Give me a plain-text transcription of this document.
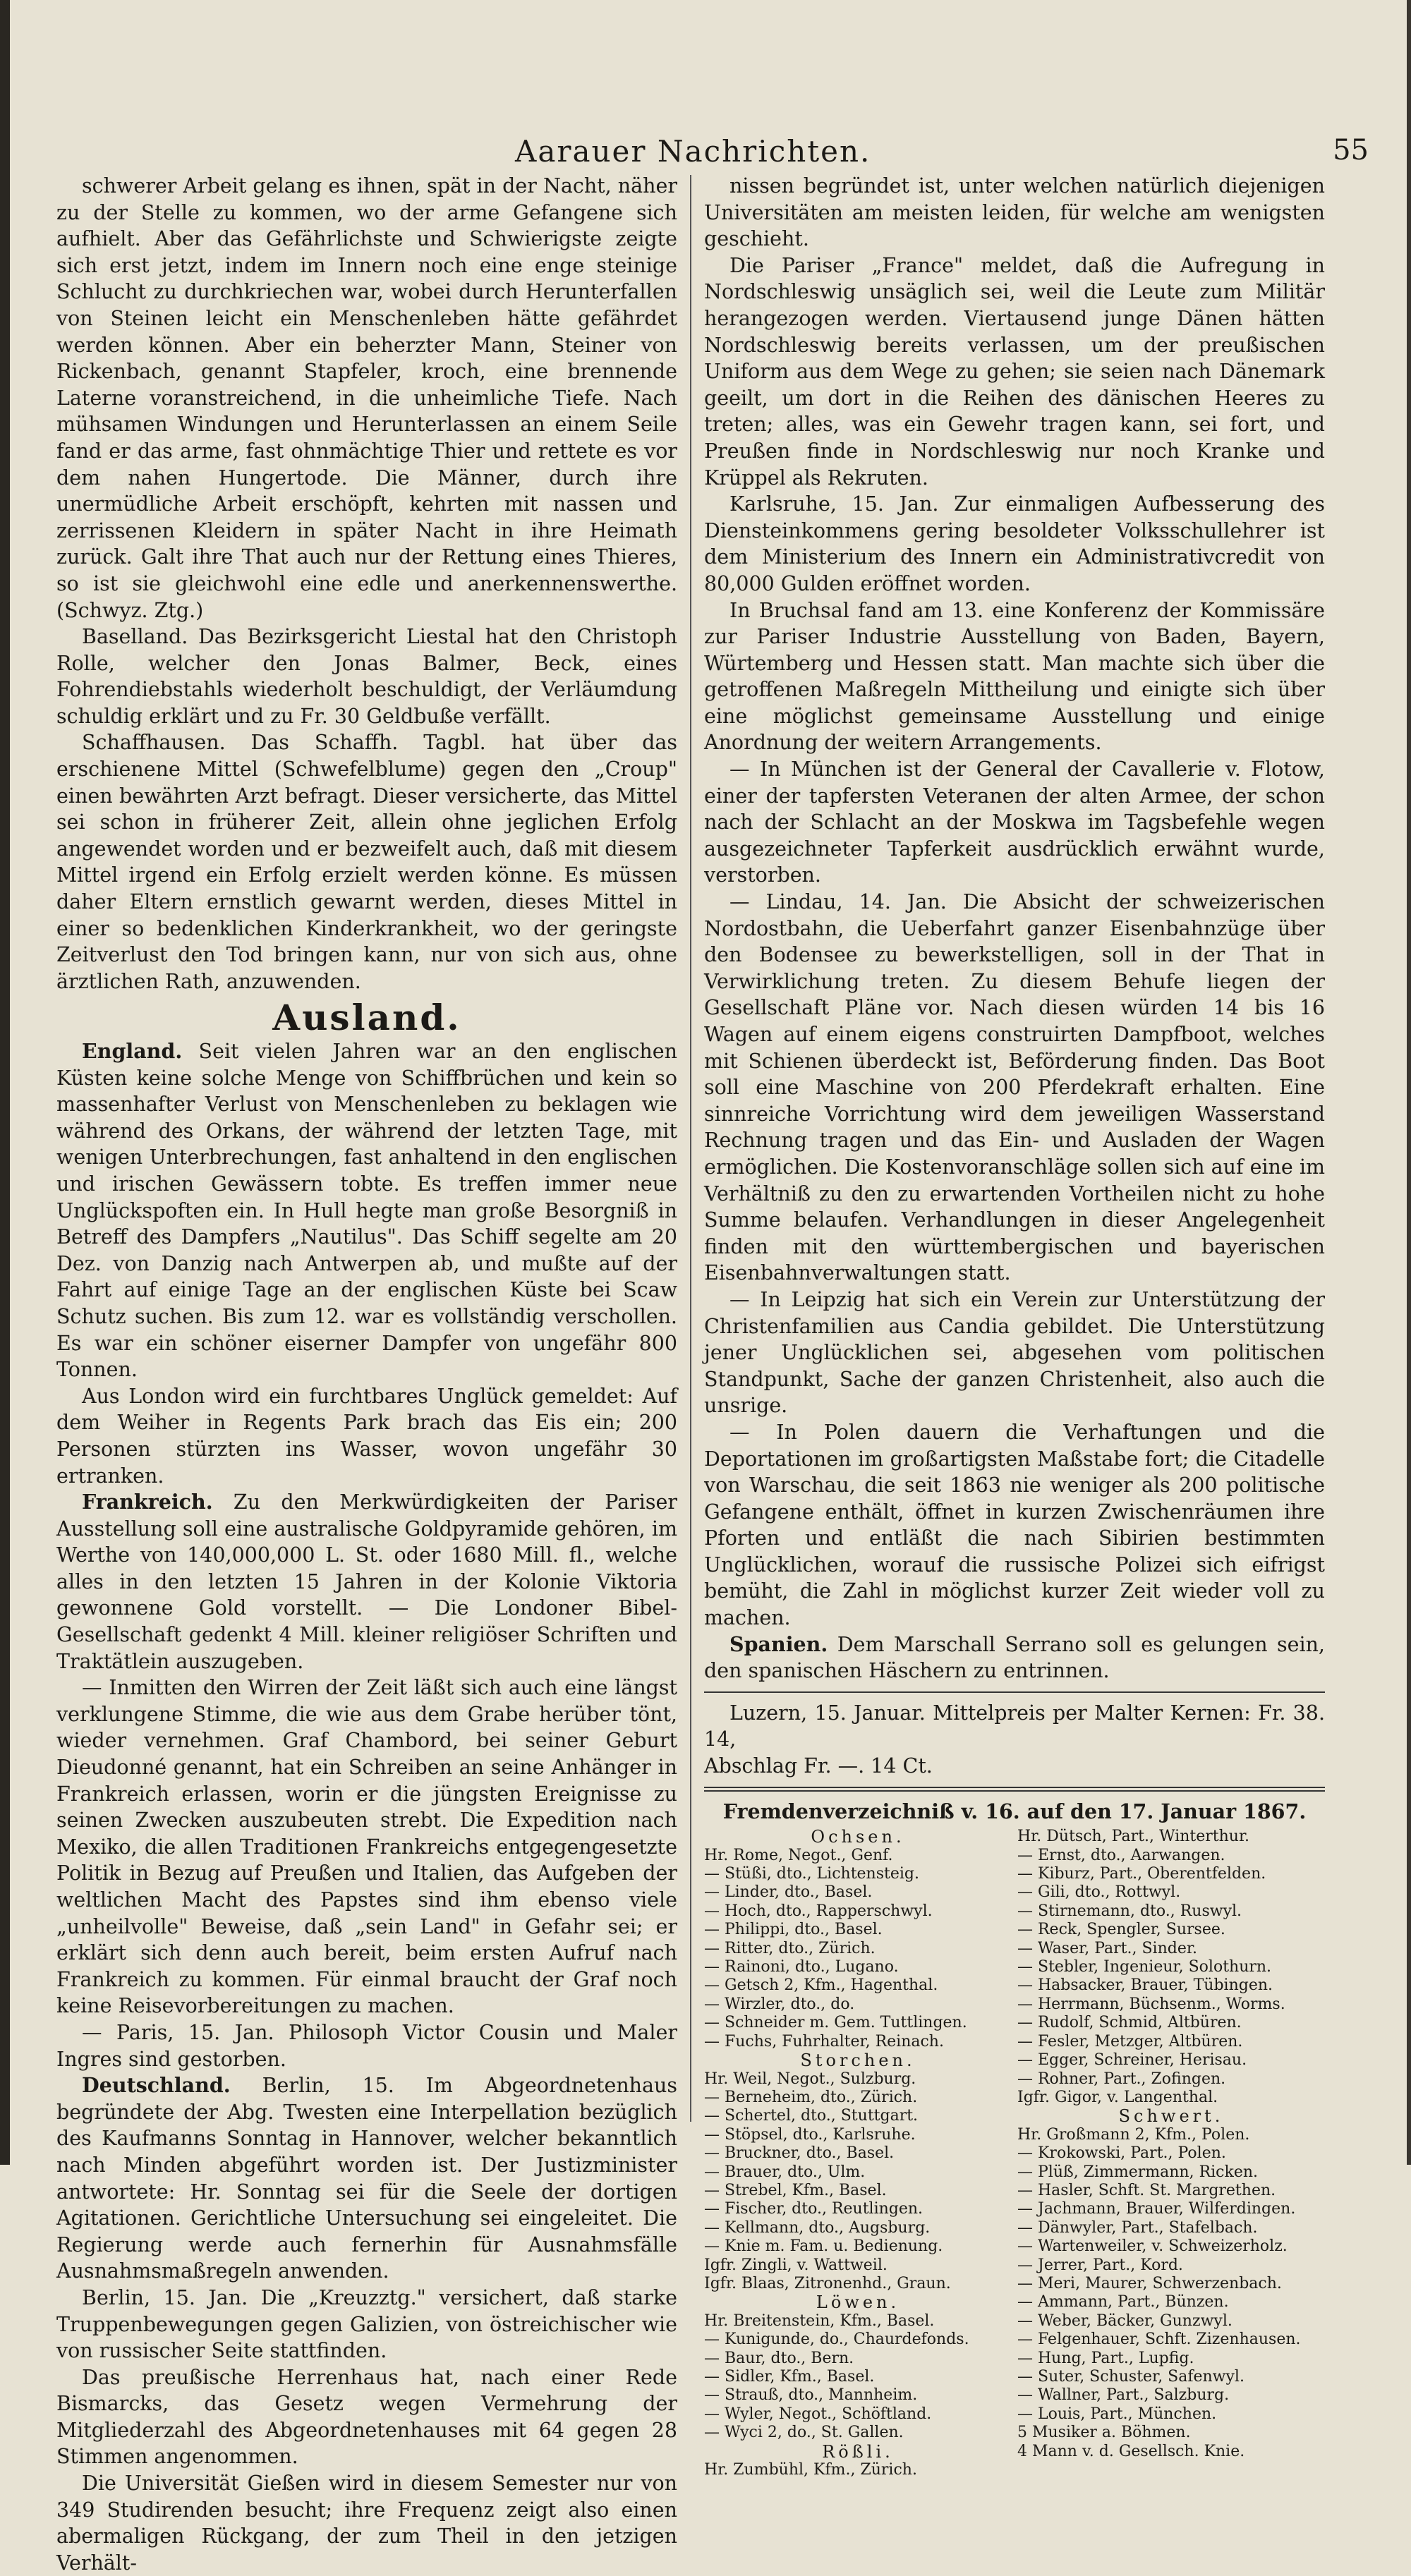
Aarauer Nachrichten.	55

schwerer Arbeit gelang es ihnen, spät in der Nacht, näher zu der Stelle zu kommen, wo der arme Gefangene sich aufhielt. Aber das Gefährlichste und Schwierigste zeigte sich erst jetzt, indem im Innern noch eine enge steinige Schlucht zu durchkriechen war, wobei durch Herunterfallen von Steinen leicht ein Menschenleben hätte gefährdet werden können. Aber ein beherzter Mann, Steiner von Rickenbach, genannt Stapfeler, kroch, eine brennende Laterne voranstreichend, in die unheimliche Tiefe. Nach mühsamen Windungen und Herunterlassen an einem Seile fand er das arme, fast ohnmächtige Thier und rettete es vor dem nahen Hungertode. Die Männer, durch ihre unermüdliche Arbeit erschöpft, kehrten mit nassen und zerrissenen Kleidern in später Nacht in ihre Heimath zurück. Galt ihre That auch nur der Rettung eines Thieres, so ist sie gleichwohl eine edle und anerkennenswerthe. (Schwyz. Ztg.)

Baselland. Das Bezirksgericht Liestal hat den Christoph Rolle, welcher den Jonas Balmer, Beck, eines Fohrendiebstahls wiederholt beschuldigt, der Verläumdung schuldig erklärt und zu Fr. 30 Geldbuße verfällt.

Schaffhausen. Das Schaffh. Tagbl. hat über das erschienene Mittel (Schwefelblume) gegen den „Croup" einen bewährten Arzt befragt. Dieser versicherte, das Mittel sei schon in früherer Zeit, allein ohne jeglichen Erfolg angewendet worden und er bezweifelt auch, daß mit diesem Mittel irgend ein Erfolg erzielt werden könne. Es müssen daher Eltern ernstlich gewarnt werden, dieses Mittel in einer so bedenklichen Kinderkrankheit, wo der geringste Zeitverlust den Tod bringen kann, nur von sich aus, ohne ärztlichen Rath, anzuwenden.

Ausland.

England. Seit vielen Jahren war an den englischen Küsten keine solche Menge von Schiffbrüchen und kein so massenhafter Verlust von Menschenleben zu beklagen wie während des Orkans, der während der letzten Tage, mit wenigen Unterbrechungen, fast anhaltend in den englischen und irischen Gewässern tobte. Es treffen immer neue Unglückspoften ein. In Hull hegte man große Besorgniß in Betreff des Dampfers „Nautilus". Das Schiff segelte am 20 Dez. von Danzig nach Antwerpen ab, und mußte auf der Fahrt auf einige Tage an der englischen Küste bei Scaw Schutz suchen. Bis zum 12. war es vollständig verschollen. Es war ein schöner eiserner Dampfer von ungefähr 800 Tonnen.

Aus London wird ein furchtbares Unglück gemeldet: Auf dem Weiher in Regents Park brach das Eis ein; 200 Personen stürzten ins Wasser, wovon ungefähr 30 ertranken.

Frankreich. Zu den Merkwürdigkeiten der Pariser Ausstellung soll eine australische Goldpyramide gehören, im Werthe von 140,000,000 L. St. oder 1680 Mill. fl., welche alles in den letzten 15 Jahren in der Kolonie Viktoria gewonnene Gold vorstellt. — Die Londoner Bibel-Gesellschaft gedenkt 4 Mill. kleiner religiöser Schriften und Traktätlein auszugeben.

— Inmitten den Wirren der Zeit läßt sich auch eine längst verklungene Stimme, die wie aus dem Grabe herüber tönt, wieder vernehmen. Graf Chambord, bei seiner Geburt Dieudonné genannt, hat ein Schreiben an seine Anhänger in Frankreich erlassen, worin er die jüngsten Ereignisse zu seinen Zwecken auszubeuten strebt. Die Expedition nach Mexiko, die allen Traditionen Frankreichs entgegengesetzte Politik in Bezug auf Preußen und Italien, das Aufgeben der weltlichen Macht des Papstes sind ihm ebenso viele „unheilvolle" Beweise, daß „sein Land" in Gefahr sei; er erklärt sich denn auch bereit, beim ersten Aufruf nach Frankreich zu kommen. Für einmal braucht der Graf noch keine Reisevorbereitungen zu machen.

— Paris, 15. Jan. Philosoph Victor Cousin und Maler Ingres sind gestorben.

Deutschland. Berlin, 15. Im Abgeordnetenhaus begründete der Abg. Twesten eine Interpellation bezüglich des Kaufmanns Sonntag in Hannover, welcher bekanntlich nach Minden abgeführt worden ist. Der Justizminister antwortete: Hr. Sonntag sei für die Seele der dortigen Agitationen. Gerichtliche Untersuchung sei eingeleitet. Die Regierung werde auch fernerhin für Ausnahmsfälle Ausnahmsmaßregeln anwenden.

Berlin, 15. Jan. Die „Kreuzztg." versichert, daß starke Truppenbewegungen gegen Galizien, von östreichischer wie von russischer Seite stattfinden.

Das preußische Herrenhaus hat, nach einer Rede Bismarcks, das Gesetz wegen Vermehrung der Mitgliederzahl des Abgeordnetenhauses mit 64 gegen 28 Stimmen angenommen.

Die Universität Gießen wird in diesem Semester nur von 349 Studirenden besucht; ihre Frequenz zeigt also einen abermaligen Rückgang, der zum Theil in den jetzigen Verhält-

nissen begründet ist, unter welchen natürlich diejenigen Universitäten am meisten leiden, für welche am wenigsten geschieht.

Die Pariser „France" meldet, daß die Aufregung in Nordschleswig unsäglich sei, weil die Leute zum Militär herangezogen werden. Viertausend junge Dänen hätten Nordschleswig bereits verlassen, um der preußischen Uniform aus dem Wege zu gehen; sie seien nach Dänemark geeilt, um dort in die Reihen des dänischen Heeres zu treten; alles, was ein Gewehr tragen kann, sei fort, und Preußen finde in Nordschleswig nur noch Kranke und Krüppel als Rekruten.

Karlsruhe, 15. Jan. Zur einmaligen Aufbesserung des Diensteinkommens gering besoldeter Volksschullehrer ist dem Ministerium des Innern ein Administrativcredit von 80,000 Gulden eröffnet worden.

In Bruchsal fand am 13. eine Konferenz der Kommissäre zur Pariser Industrie Ausstellung von Baden, Bayern, Würtemberg und Hessen statt. Man machte sich über die getroffenen Maßregeln Mittheilung und einigte sich über eine möglichst gemeinsame Ausstellung und einige Anordnung der weitern Arrangements.

— In München ist der General der Cavallerie v. Flotow, einer der tapfersten Veteranen der alten Armee, der schon nach der Schlacht an der Moskwa im Tagsbefehle wegen ausgezeichneter Tapferkeit ausdrücklich erwähnt wurde, verstorben.

— Lindau, 14. Jan. Die Absicht der schweizerischen Nordostbahn, die Ueberfahrt ganzer Eisenbahnzüge über den Bodensee zu bewerkstelligen, soll in der That in Verwirklichung treten. Zu diesem Behufe liegen der Gesellschaft Pläne vor. Nach diesen würden 14 bis 16 Wagen auf einem eigens construirten Dampfboot, welches mit Schienen überdeckt ist, Beförderung finden. Das Boot soll eine Maschine von 200 Pferdekraft erhalten. Eine sinnreiche Vorrichtung wird dem jeweiligen Wasserstand Rechnung tragen und das Ein- und Ausladen der Wagen ermöglichen. Die Kostenvoranschläge sollen sich auf eine im Verhältniß zu den zu erwartenden Vortheilen nicht zu hohe Summe belaufen. Verhandlungen in dieser Angelegenheit finden mit den württembergischen und bayerischen Eisenbahnverwaltungen statt.

— In Leipzig hat sich ein Verein zur Unterstützung der Christenfamilien aus Candia gebildet. Die Unterstützung jener Unglücklichen sei, abgesehen vom politischen Standpunkt, Sache der ganzen Christenheit, also auch die unsrige.

— In Polen dauern die Verhaftungen und die Deportationen im großartigsten Maßstabe fort; die Citadelle von Warschau, die seit 1863 nie weniger als 200 politische Gefangene enthält, öffnet in kurzen Zwischenräumen ihre Pforten und entläßt die nach Sibirien bestimmten Unglücklichen, worauf die russische Polizei sich eifrigst bemüht, die Zahl in möglichst kurzer Zeit wieder voll zu machen.

Spanien. Dem Marschall Serrano soll es gelungen sein, den spanischen Häschern zu entrinnen.

Luzern, 15. Januar. Mittelpreis per Malter Kernen: Fr. 38. 14,
Abschlag Fr. —. 14 Ct.
Fremdenverzeichniß v. 16. auf den 17. Januar 1867.
Ochsen.
Hr. Rome, Negot., Genf.
— Stüßi, dto., Lichtensteig.
— Linder, dto., Basel.
— Hoch, dto., Rapperschwyl.
— Philippi, dto., Basel.
— Ritter, dto., Zürich.
— Rainoni, dto., Lugano.
— Getsch 2, Kfm., Hagenthal.
— Wirzler, dto., do.
— Schneider m. Gem. Tuttlingen.
— Fuchs, Fuhrhalter, Reinach.
Storchen.
Hr. Weil, Negot., Sulzburg.
— Berneheim, dto., Zürich.
— Schertel, dto., Stuttgart.
— Stöpsel, dto., Karlsruhe.
— Bruckner, dto., Basel.
— Brauer, dto., Ulm.
— Strebel, Kfm., Basel.
— Fischer, dto., Reutlingen.
— Kellmann, dto., Augsburg.
— Knie m. Fam. u. Bedienung.
Igfr. Zingli, v. Wattweil.
Igfr. Blaas, Zitronenhd., Graun.
Löwen.
Hr. Breitenstein, Kfm., Basel.
— Kunigunde, do., Chaurdefonds.
— Baur, dto., Bern.
— Sidler, Kfm., Basel.
— Strauß, dto., Mannheim.
— Wyler, Negot., Schöftland.
— Wyci 2, do., St. Gallen.
Rößli.
Hr. Zumbühl, Kfm., Zürich.
Hr. Dütsch, Part., Winterthur.
— Ernst, dto., Aarwangen.
— Kiburz, Part., Oberentfelden.
— Gili, dto., Rottwyl.
— Stirnemann, dto., Ruswyl.
— Reck, Spengler, Sursee.
— Waser, Part., Sinder.
— Stebler, Ingenieur, Solothurn.
— Habsacker, Brauer, Tübingen.
— Herrmann, Büchsenm., Worms.
— Rudolf, Schmid, Altbüren.
— Fesler, Metzger, Altbüren.
— Egger, Schreiner, Herisau.
— Rohner, Part., Zofingen.
Igfr. Gigor, v. Langenthal.
Schwert.
Hr. Großmann 2, Kfm., Polen.
— Krokowski, Part., Polen.
— Plüß, Zimmermann, Ricken.
— Hasler, Schft. St. Margrethen.
— Jachmann, Brauer, Wilferdingen.
— Dänwyler, Part., Stafelbach.
— Wartenweiler, v. Schweizerholz.
— Jerrer, Part., Kord.
— Meri, Maurer, Schwerzenbach.
— Ammann, Part., Bünzen.
— Weber, Bäcker, Gunzwyl.
— Felgenhauer, Schft. Zizenhausen.
— Hung, Part., Lupfig.
— Suter, Schuster, Safenwyl.
— Wallner, Part., Salzburg.
— Louis, Part., München.
5 Musiker a. Böhmen.
4 Mann v. d. Gesellsch. Knie.
